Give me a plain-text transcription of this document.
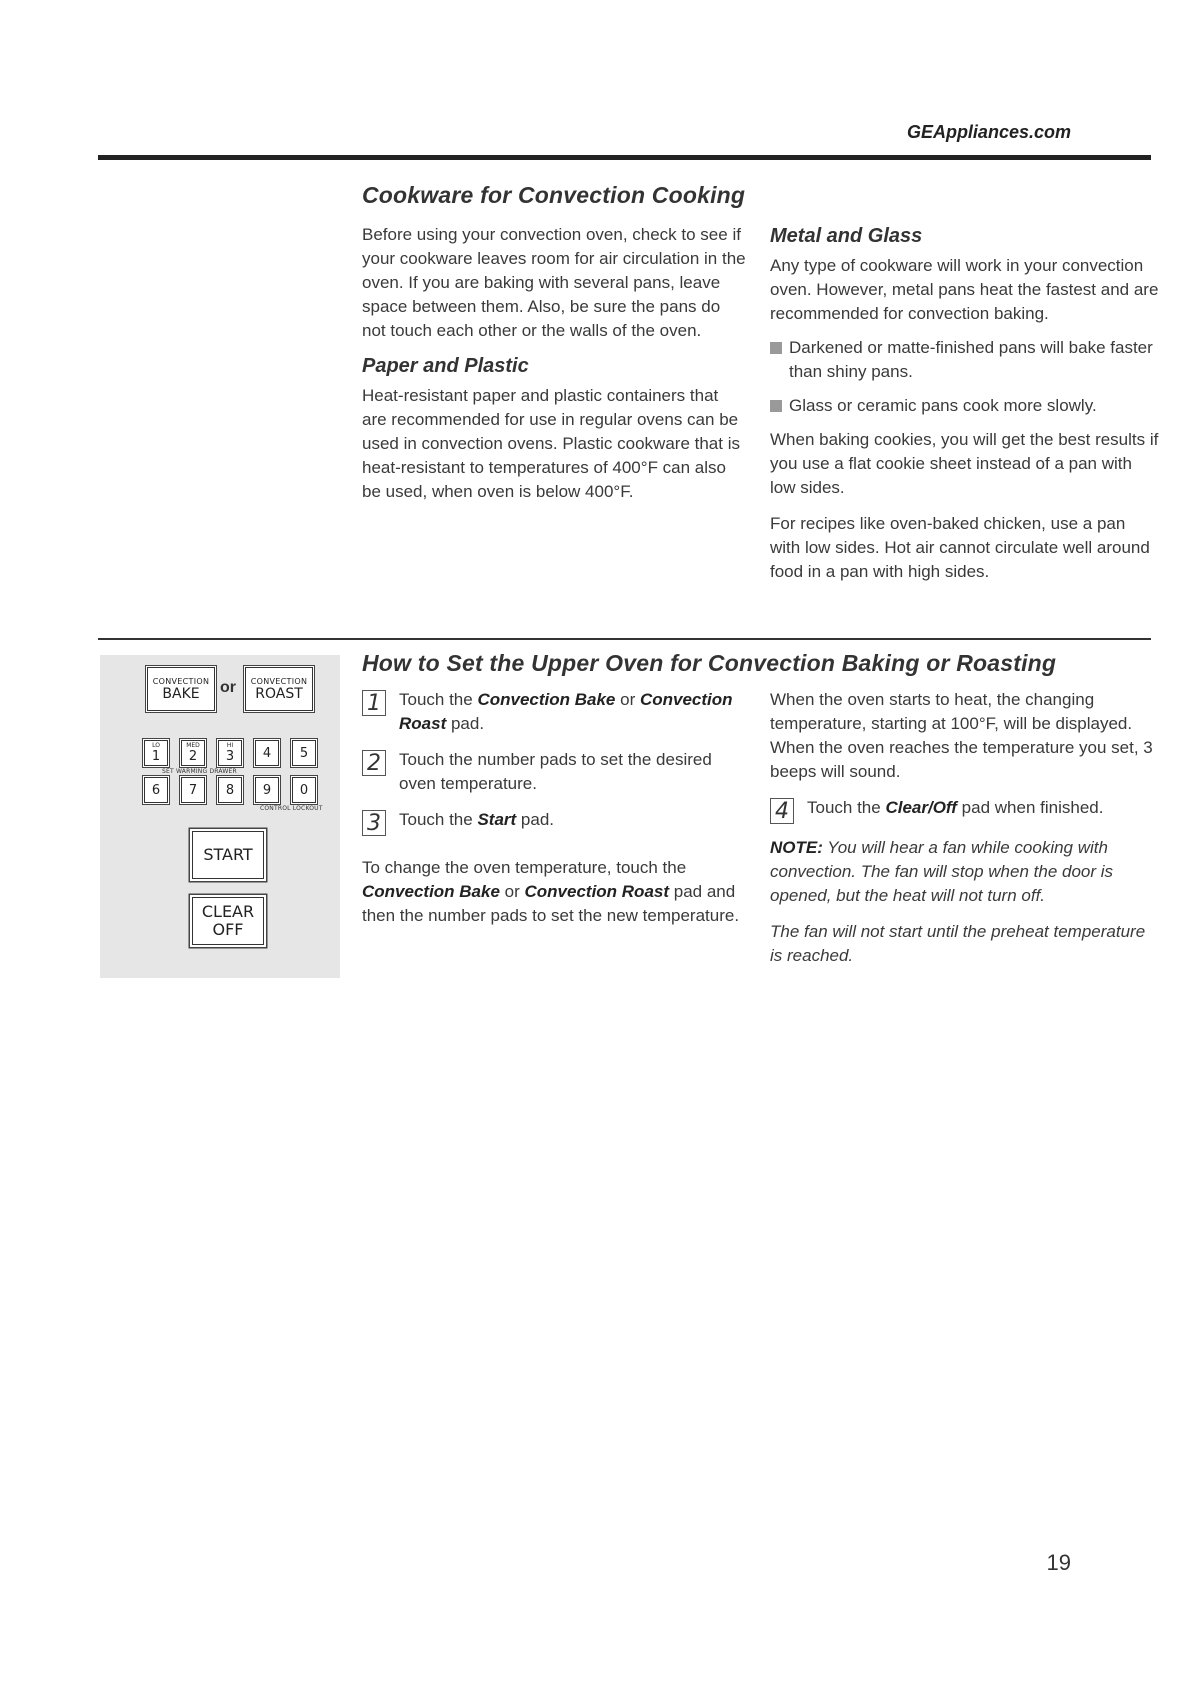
GEAppliances.com
Cookware for Convection Cooking

Before using your convection oven, check to see if your cookware leaves room for air circulation in the oven. If you are baking with several pans, leave space between them. Also, be sure the pans do not touch each other or the walls of the oven.

Paper and Plastic

Heat-resistant paper and plastic containers that are recommended for use in regular ovens can be used in convection ovens. Plastic cookware that is heat-resistant to temperatures of 400°F can also be used, when oven is below 400°F.

Metal and Glass

Any type of cookware will work in your convection oven. However, metal pans heat the fastest and are recommended for convection baking.

Darkened or matte-finished pans will bake faster than shiny pans.
Glass or ceramic pans cook more slowly.

When baking cookies, you will get the best results if you use a flat cookie sheet instead of a pan with low sides.

For recipes like oven-baked chicken, use a pan with low sides. Hot air cannot circulate well around food in a pan with high sides.

CONVECTION
BAKE or CONVECTION
ROAST
LO
1
MED
2
HI
3 4 5
SET WARMING DRAWER
6 7 8 9 0
CONTROL LOCKOUT
START
CLEAR
OFF
How to Set the Upper Oven for Convection Baking or Roasting
1 Touch the Convection Bake or Convection Roast pad.

2 Touch the number pads to set the desired oven temperature.

3 Touch the Start pad.

To change the oven temperature, touch the Convection Bake or Convection Roast pad and then the number pads to set the new temperature.

When the oven starts to heat, the changing temperature, starting at 100°F, will be displayed. When the oven reaches the temperature you set, 3 beeps will sound.

4 Touch the Clear/Off pad when finished.

NOTE: You will hear a fan while cooking with convection. The fan will stop when the door is opened, but the heat will not turn off.

The fan will not start until the preheat temperature is reached.

19
